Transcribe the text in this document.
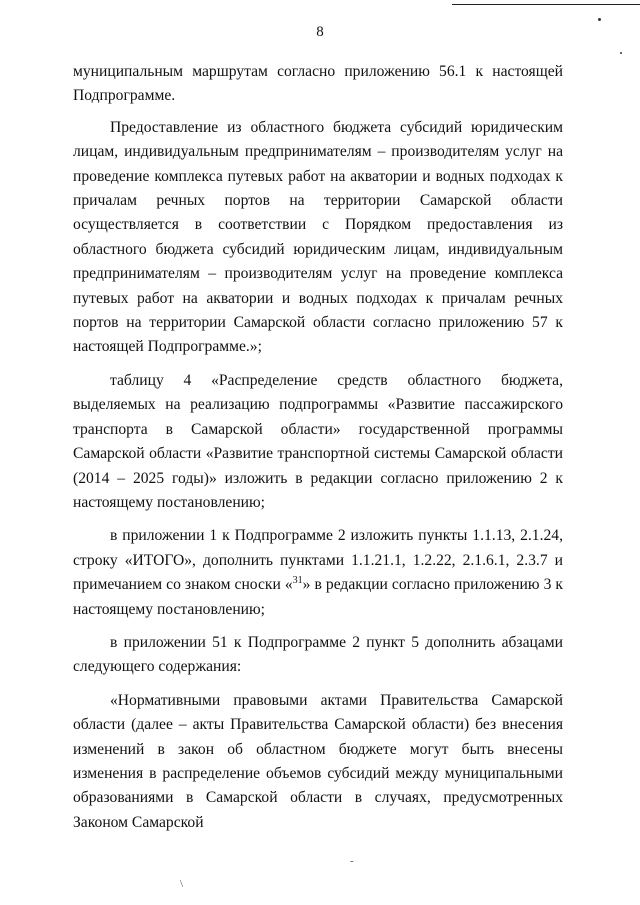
8

муниципальным маршрутам согласно приложению 56.1 к настоящей Подпрограмме.

Предоставление из областного бюджета субсидий юридическим лицам, индивидуальным предпринимателям – производителям услуг на проведение комплекса путевых работ на акватории и водных подходах к причалам речных портов на территории Самарской области осуществляется в соответствии с Порядком предоставления из областного бюджета субсидий юридическим лицам, индивидуальным предпринимателям – производителям услуг на проведение комплекса путевых работ на акватории и водных подходах к причалам речных портов на территории Самарской области согласно приложению 57 к настоящей Подпрограмме.»;

таблицу 4 «Распределение средств областного бюджета, выделяемых на реализацию подпрограммы «Развитие пассажирского транспорта в Самарской области» государственной программы Самарской области «Развитие транспортной системы Самарской области (2014 – 2025 годы)» изложить в редакции согласно приложению 2 к настоящему постановлению;

в приложении 1 к Подпрограмме 2 изложить пункты 1.1.13, 2.1.24, строку «ИТОГО», дополнить пунктами 1.1.21.1, 1.2.22, 2.1.6.1, 2.3.7 и примечанием со знаком сноски «$^{31}$» в редакции согласно приложению 3 к настоящему постановлению;

в приложении 51 к Подпрограмме 2 пункт 5 дополнить абзацами следующего содержания:

«Нормативными правовыми актами Правительства Самарской области (далее – акты Правительства Самарской области) без внесения изменений в закон об областном бюджете могут быть внесены изменения в распределение объемов субсидий между муниципальными образованиями в Самарской области в случаях, предусмотренных Законом Самарской

-
\
